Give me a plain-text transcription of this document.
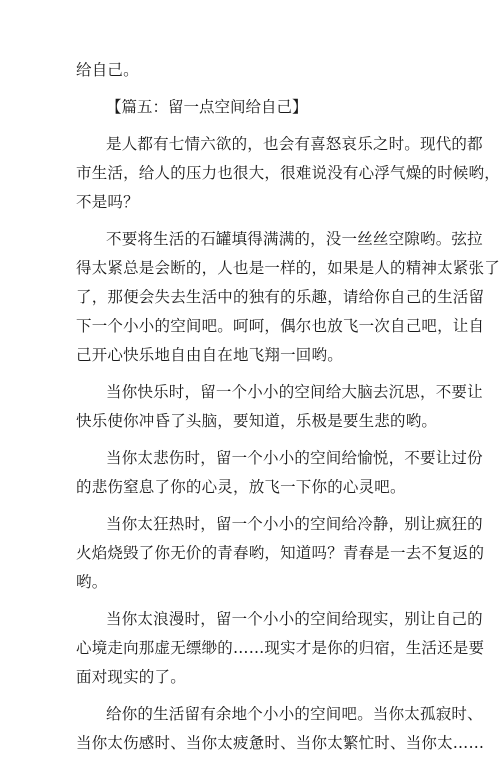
给自己。
【篇五：留一点空间给自己】
是人都有七情六欲的，也会有喜怒哀乐之时。现代的都
市生活，给人的压力也很大，很难说没有心浮气燥的时候哟，
不是吗？
不要将生活的石罐填得满满的，没一丝丝空隙哟。弦拉
得太紧总是会断的，人也是一样的，如果是人的精神太紧张了
了，那便会失去生活中的独有的乐趣，请给你自己的生活留
下一个小小的空间吧。呵呵，偶尔也放飞一次自己吧，让自
己开心快乐地自由自在地飞翔一回哟。
当你快乐时，留一个小小的空间给大脑去沉思，不要让
快乐使你冲昏了头脑，要知道，乐极是要生悲的哟。
当你太悲伤时，留一个小小的空间给愉悦，不要让过份
的悲伤窒息了你的心灵，放飞一下你的心灵吧。
当你太狂热时，留一个小小的空间给冷静，别让疯狂的
火焰烧毁了你无价的青春哟，知道吗？青春是一去不复返的
哟。
当你太浪漫时，留一个小小的空间给现实，别让自己的
心境走向那虚无缥缈的……现实才是你的归宿，生活还是要
面对现实的了。
给你的生活留有余地个小小的空间吧。当你太孤寂时、
当你太伤感时、当你太疲惫时、当你太繁忙时、当你太……
